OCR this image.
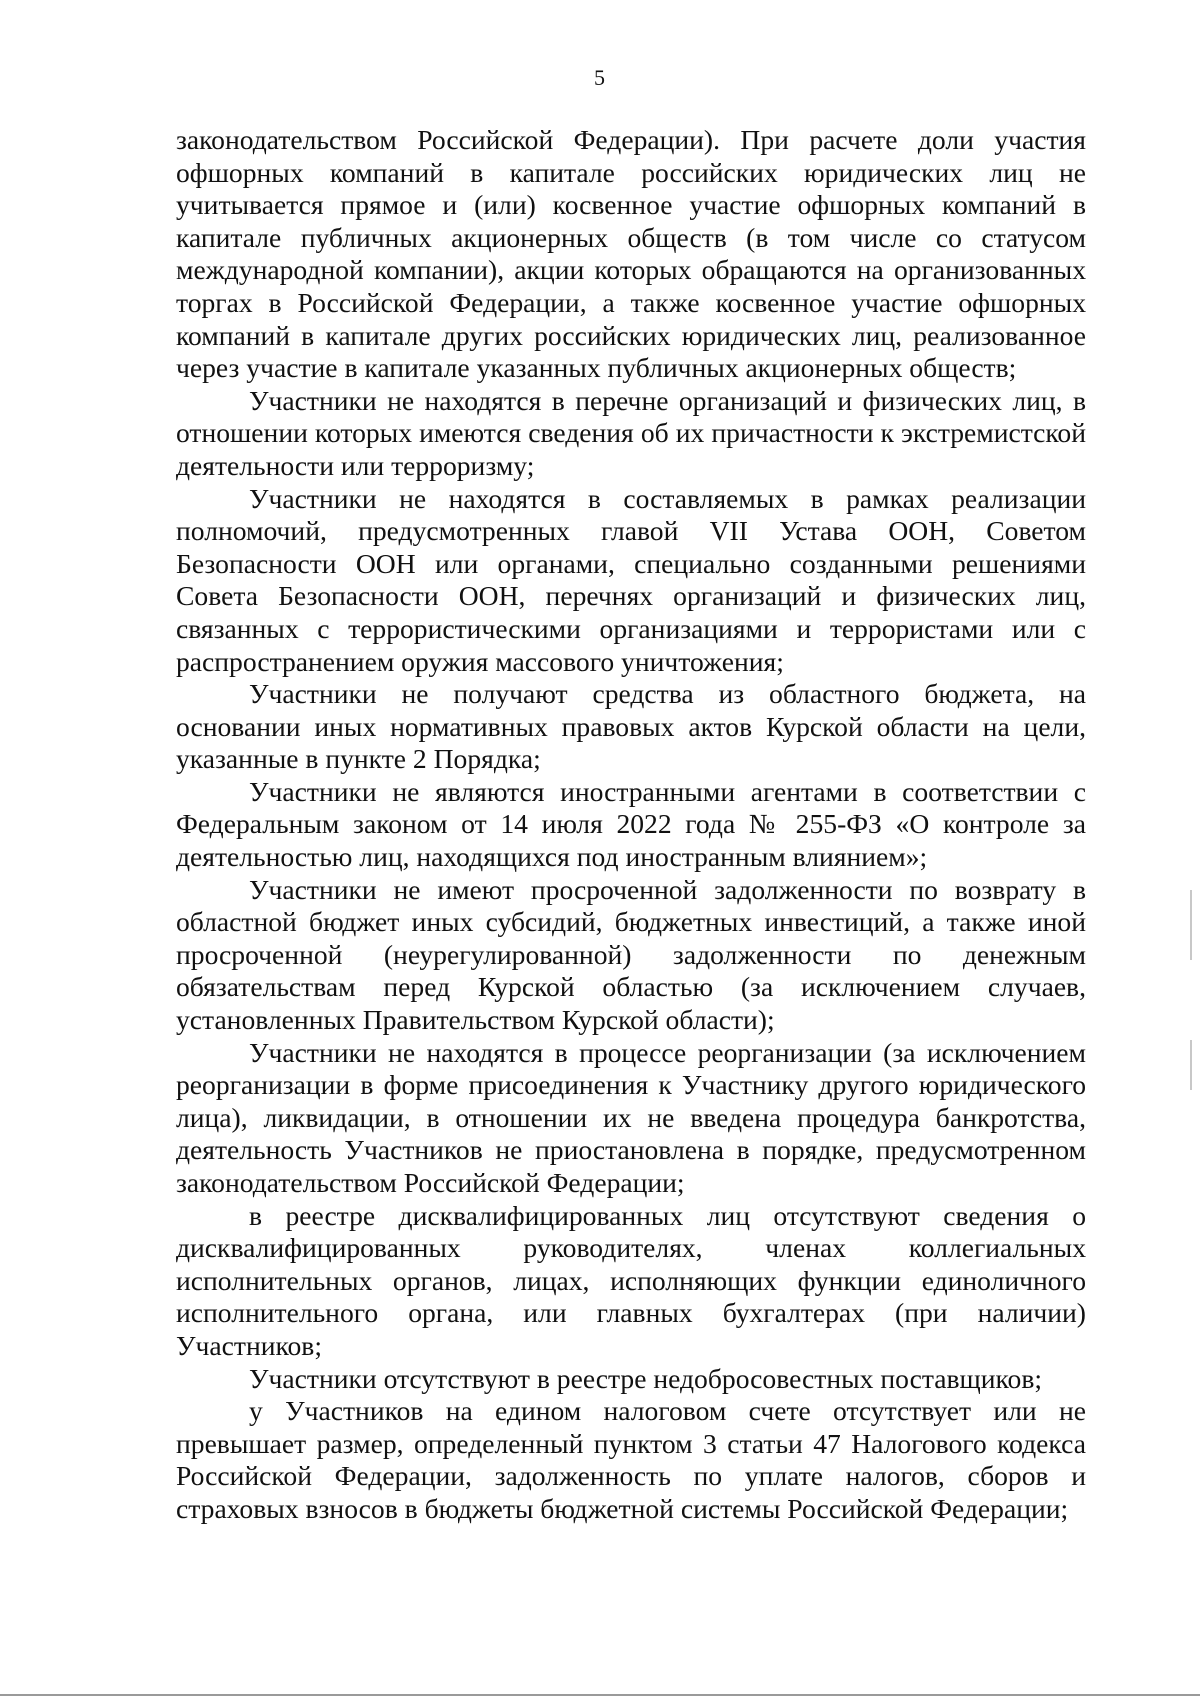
5

законодательством Российской Федерации). При расчете доли участия офшорных компаний в капитале российских юридических лиц не учитывается прямое и (или) косвенное участие офшорных компаний в капитале публичных акционерных обществ (в том числе со статусом международной компании), акции которых обращаются на организованных торгах в Российской Федерации, а также косвенное участие офшорных компаний в капитале других российских юридических лиц, реализованное через участие в капитале указанных публичных акционерных обществ;

Участники не находятся в перечне организаций и физических лиц, в отношении которых имеются сведения об их причастности к экстремистской деятельности или терроризму;

Участники не находятся в составляемых в рамках реализации полномочий, предусмотренных главой VII Устава ООН, Советом Безопасности ООН или органами, специально созданными решениями Совета Безопасности ООН, перечнях организаций и физических лиц, связанных с террористическими организациями и террористами или с распространением оружия массового уничтожения;

Участники не получают средства из областного бюджета, на основании иных нормативных правовых актов Курской области на цели, указанные в пункте 2 Порядка;

Участники не являются иностранными агентами в соответствии с Федеральным законом от 14 июля 2022 года № 255-ФЗ «О контроле за деятельностью лиц, находящихся под иностранным влиянием»;

Участники не имеют просроченной задолженности по возврату в областной бюджет иных субсидий, бюджетных инвестиций, а также иной просроченной (неурегулированной) задолженности по денежным обязательствам перед Курской областью (за исключением случаев, установленных Правительством Курской области);

Участники не находятся в процессе реорганизации (за исключением реорганизации в форме присоединения к Участнику другого юридического лица), ликвидации, в отношении их не введена процедура банкротства, деятельность Участников не приостановлена в порядке, предусмотренном законодательством Российской Федерации;

в реестре дисквалифицированных лиц отсутствуют сведения о дисквалифицированных руководителях, членах коллегиальных исполнительных органов, лицах, исполняющих функции единоличного исполнительного органа, или главных бухгалтерах (при наличии) Участников;

Участники отсутствуют в реестре недобросовестных поставщиков;

у Участников на едином налоговом счете отсутствует или не превышает размер, определенный пунктом 3 статьи 47 Налогового кодекса Российской Федерации, задолженность по уплате налогов, сборов и страховых взносов в бюджеты бюджетной системы Российской Федерации;
